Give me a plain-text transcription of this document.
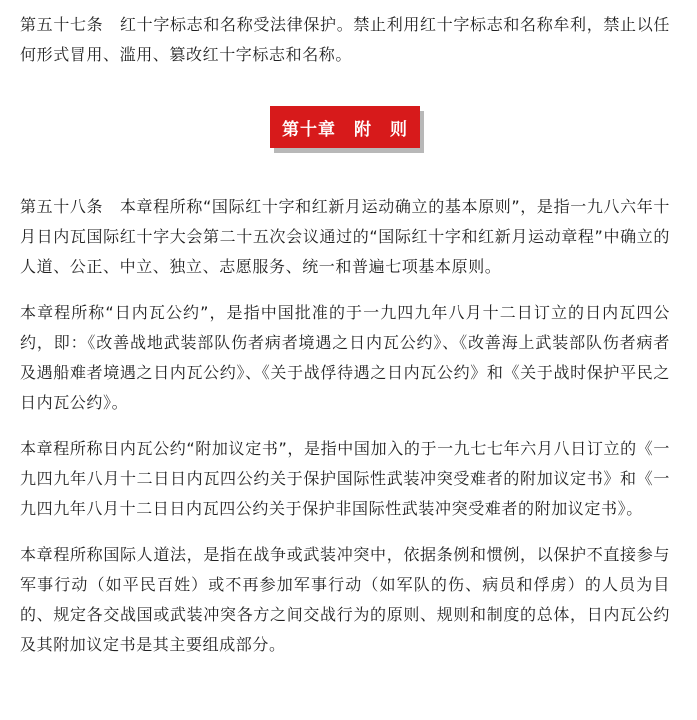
第五十七条　红十字标志和名称受法律保护。禁止利用红十字标志和名称牟利，禁止以任何形式冒用、滥用、篡改红十字标志和名称。

第十章　附　则

第五十八条　本章程所称“国际红十字和红新月运动确立的基本原则”，是指一九八六年十月日内瓦国际红十字大会第二十五次会议通过的“国际红十字和红新月运动章程”中确立的人道、公正、中立、独立、志愿服务、统一和普遍七项基本原则。

本章程所称“日内瓦公约”，是指中国批准的于一九四九年八月十二日订立的日内瓦四公约，即：《改善战地武装部队伤者病者境遇之日内瓦公约》、《改善海上武装部队伤者病者及遇船难者境遇之日内瓦公约》、《关于战俘待遇之日内瓦公约》和《关于战时保护平民之日内瓦公约》。

本章程所称日内瓦公约“附加议定书”，是指中国加入的于一九七七年六月八日订立的《一九四九年八月十二日日内瓦四公约关于保护国际性武装冲突受难者的附加议定书》和《一九四九年八月十二日日内瓦四公约关于保护非国际性武装冲突受难者的附加议定书》。

本章程所称国际人道法，是指在战争或武装冲突中，依据条例和惯例，以保护不直接参与军事行动（如平民百姓）或不再参加军事行动（如军队的伤、病员和俘虏）的人员为目的、规定各交战国或武装冲突各方之间交战行为的原则、规则和制度的总体，日内瓦公约及其附加议定书是其主要组成部分。
